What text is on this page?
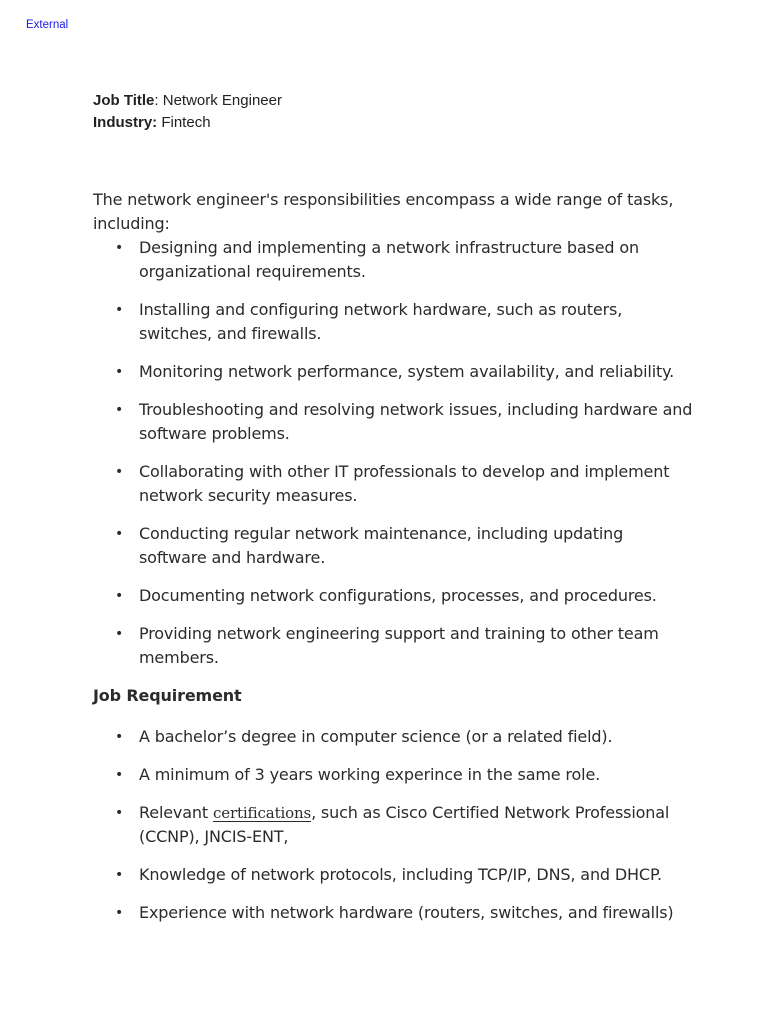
External
Job Title: Network Engineer
Industry: Fintech

The network engineer's responsibilities encompass a wide range of tasks, including:

• Designing and implementing a network infrastructure based on organizational requirements.
• Installing and configuring network hardware, such as routers, switches, and firewalls.
• Monitoring network performance, system availability, and reliability.
• Troubleshooting and resolving network issues, including hardware and software problems.
• Collaborating with other IT professionals to develop and implement network security measures.
• Conducting regular network maintenance, including updating software and hardware.
• Documenting network configurations, processes, and procedures.
• Providing network engineering support and training to other team members.
Job Requirement
• A bachelor’s degree in computer science (or a related field).
• A minimum of 3 years working experince in the same role.
• Relevant certifications, such as Cisco Certified Network Professional (CCNP), JNCIS-ENT,
• Knowledge of network protocols, including TCP/IP, DNS, and DHCP.
• Experience with network hardware (routers, switches, and firewalls)
